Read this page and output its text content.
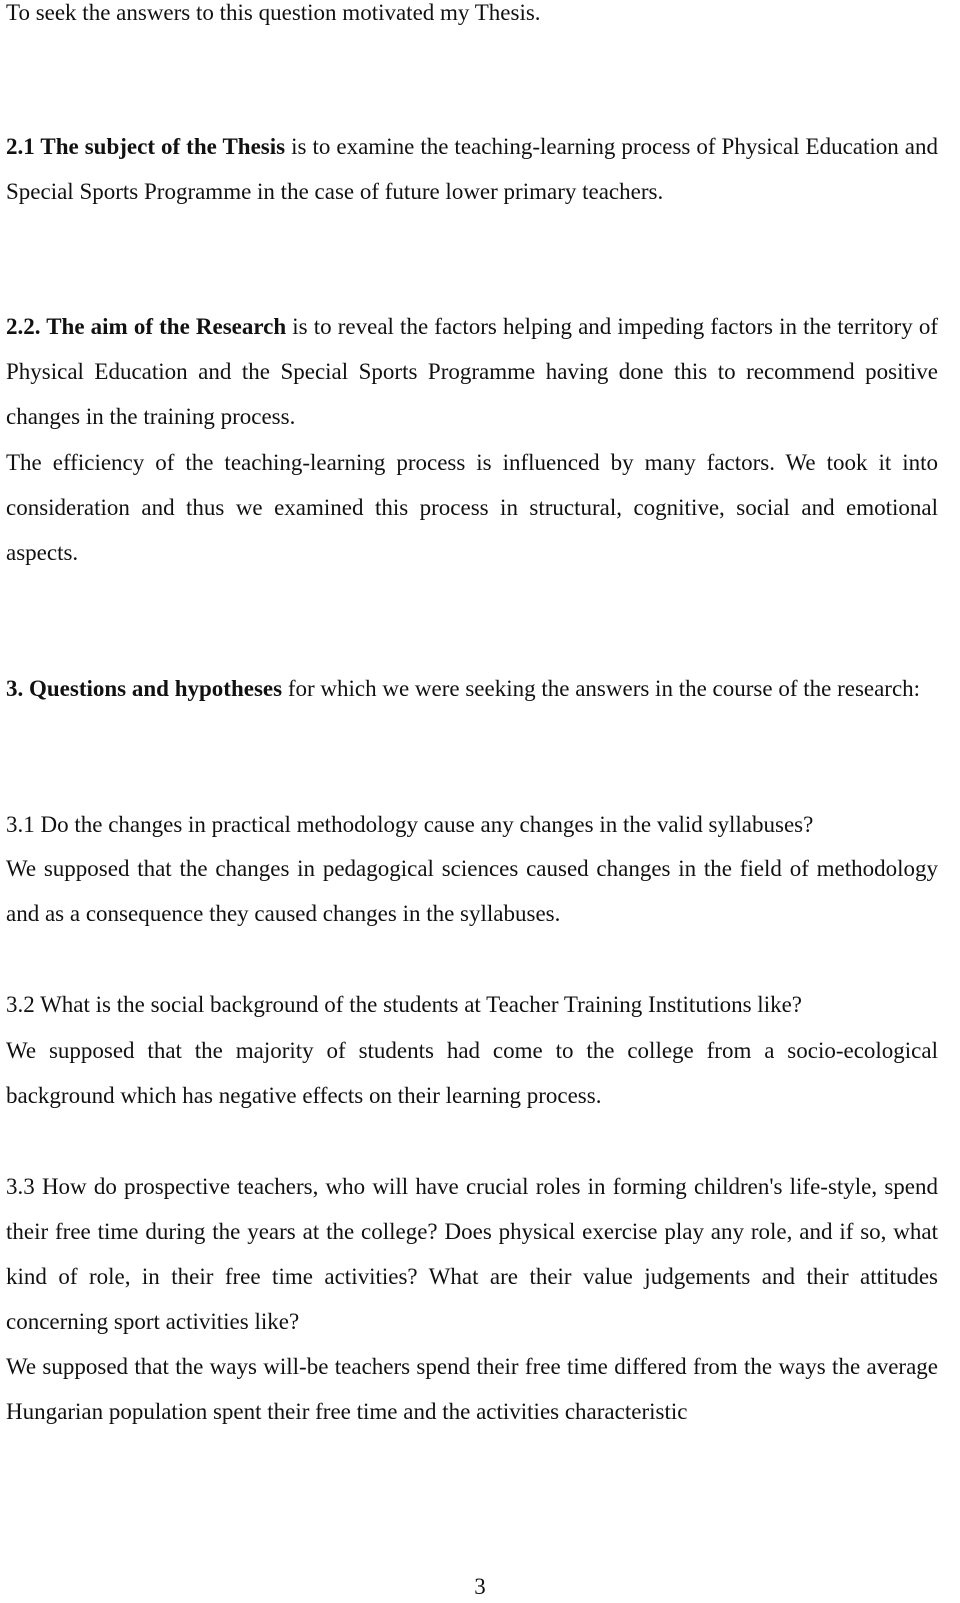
To seek the answers to this question motivated my Thesis.

2.1 The subject of the Thesis is to examine the teaching-learning process of Physical Education and Special Sports Programme in the case of future lower primary teachers.

2.2. The aim of the Research is to reveal the factors helping and impeding factors in the territory of Physical Education and the Special Sports Programme having done this to recommend positive changes in the training process.

The efficiency of the teaching-learning process is influenced by many factors. We took it into consideration and thus we examined this process in structural, cognitive, social and emotional aspects.

3. Questions and hypotheses for which we were seeking the answers in the course of the research:

3.1 Do the changes in practical methodology cause any changes in the valid syllabuses?

We supposed that the changes in pedagogical sciences caused changes in the field of methodology and as a consequence they caused changes in the syllabuses.

3.2 What is the social background of the students at Teacher Training Institutions like?

We supposed that the majority of students had come to the college from a socio-ecological background which has negative effects on their learning process.

3.3 How do prospective teachers, who will have crucial roles in forming children's life-style, spend their free time during the years at the college? Does physical exercise play any role, and if so, what kind of role, in their free time activities? What are their value judgements and their attitudes concerning sport activities like?

We supposed that the ways will-be teachers spend their free time differed from the ways the average Hungarian population spent their free time and the activities characteristic

3
